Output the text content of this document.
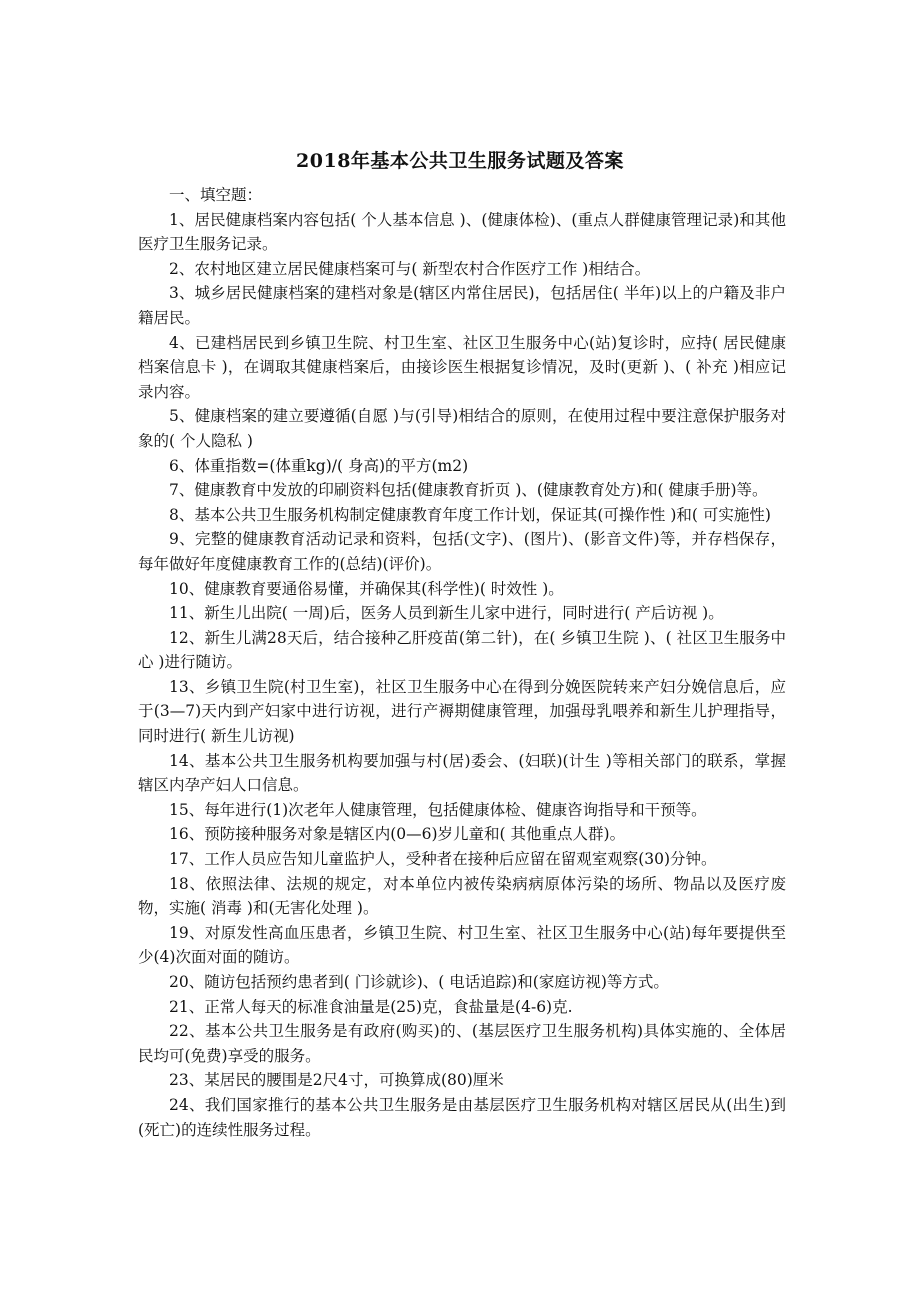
2018年基本公共卫生服务试题及答案

一、填空题：

1、居民健康档案内容包括( 个人基本信息 )、(健康体检)、(重点人群健康管理记录)和其他医疗卫生服务记录。

2、农村地区建立居民健康档案可与( 新型农村合作医疗工作 )相结合。

3、城乡居民健康档案的建档对象是(辖区内常住居民)，包括居住( 半年)以上的户籍及非户籍居民。

4、已建档居民到乡镇卫生院、村卫生室、社区卫生服务中心(站)复诊时，应持( 居民健康档案信息卡 )，在调取其健康档案后，由接诊医生根据复诊情况，及时(更新 )、( 补充 )相应记录内容。

5、健康档案的建立要遵循(自愿 )与(引导)相结合的原则，在使用过程中要注意保护服务对象的( 个人隐私 )

6、体重指数=(体重kg)/( 身高)的平方(m2)

7、健康教育中发放的印刷资料包括(健康教育折页 )、(健康教育处方)和( 健康手册)等。

8、基本公共卫生服务机构制定健康教育年度工作计划，保证其(可操作性 )和( 可实施性)

9、完整的健康教育活动记录和资料，包括(文字)、(图片)、(影音文件)等，并存档保存，每年做好年度健康教育工作的(总结)(评价)。

10、健康教育要通俗易懂，并确保其(科学性)( 时效性 )。

11、新生儿出院( 一周)后，医务人员到新生儿家中进行，同时进行( 产后访视 )。

12、新生儿满28天后，结合接种乙肝疫苗(第二针)，在( 乡镇卫生院 )、( 社区卫生服务中心 )进行随访。

13、乡镇卫生院(村卫生室)，社区卫生服务中心在得到分娩医院转来产妇分娩信息后，应于(3—7)天内到产妇家中进行访视，进行产褥期健康管理，加强母乳喂养和新生儿护理指导，同时进行( 新生儿访视)

14、基本公共卫生服务机构要加强与村(居)委会、(妇联)(计生 )等相关部门的联系，掌握辖区内孕产妇人口信息。

15、每年进行(1)次老年人健康管理，包括健康体检、健康咨询指导和干预等。

16、预防接种服务对象是辖区内(0—6)岁儿童和( 其他重点人群)。

17、工作人员应告知儿童监护人，受种者在接种后应留在留观室观察(30)分钟。

18、依照法律、法规的规定，对本单位内被传染病病原体污染的场所、物品以及医疗废物，实施( 消毒 )和(无害化处理 )。

19、对原发性高血压患者，乡镇卫生院、村卫生室、社区卫生服务中心(站)每年要提供至少(4)次面对面的随访。

20、随访包括预约患者到( 门诊就诊)、( 电话追踪)和(家庭访视)等方式。

21、正常人每天的标准食油量是(25)克，食盐量是(4-6)克.

22、基本公共卫生服务是有政府(购买)的、(基层医疗卫生服务机构)具体实施的、全体居民均可(免费)享受的服务。

23、某居民的腰围是2尺4寸，可换算成(80)厘米

24、我们国家推行的基本公共卫生服务是由基层医疗卫生服务机构对辖区居民从(出生)到(死亡)的连续性服务过程。
